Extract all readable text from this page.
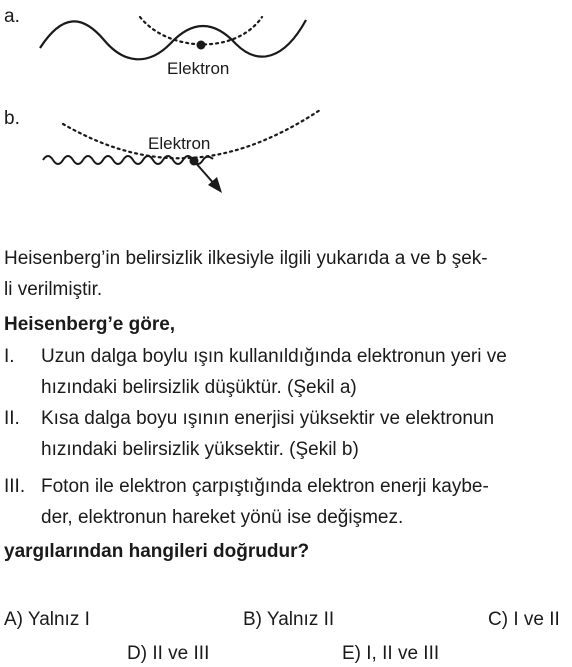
a.
Elektron
b.
Elektron
Heisenberg’in belirsizlik ilkesiyle ilgili yukarıda a ve b şek-
li verilmiştir.
Heisenberg’e göre,
I. Uzun dalga boylu ışın kullanıldığında elektronun yeri ve
hızındaki belirsizlik düşüktür. (Şekil a)
II. Kısa dalga boyu ışının enerjisi yüksektir ve elektronun
hızındaki belirsizlik yüksektir. (Şekil b)
III. Foton ile elektron çarpıştığında elektron enerji kaybe-
der, elektronun hareket yönü ise değişmez.
yargılarından hangileri doğrudur?
A) Yalnız I	B) Yalnız II	C) I ve II
D) II ve III	E) I, II ve III
